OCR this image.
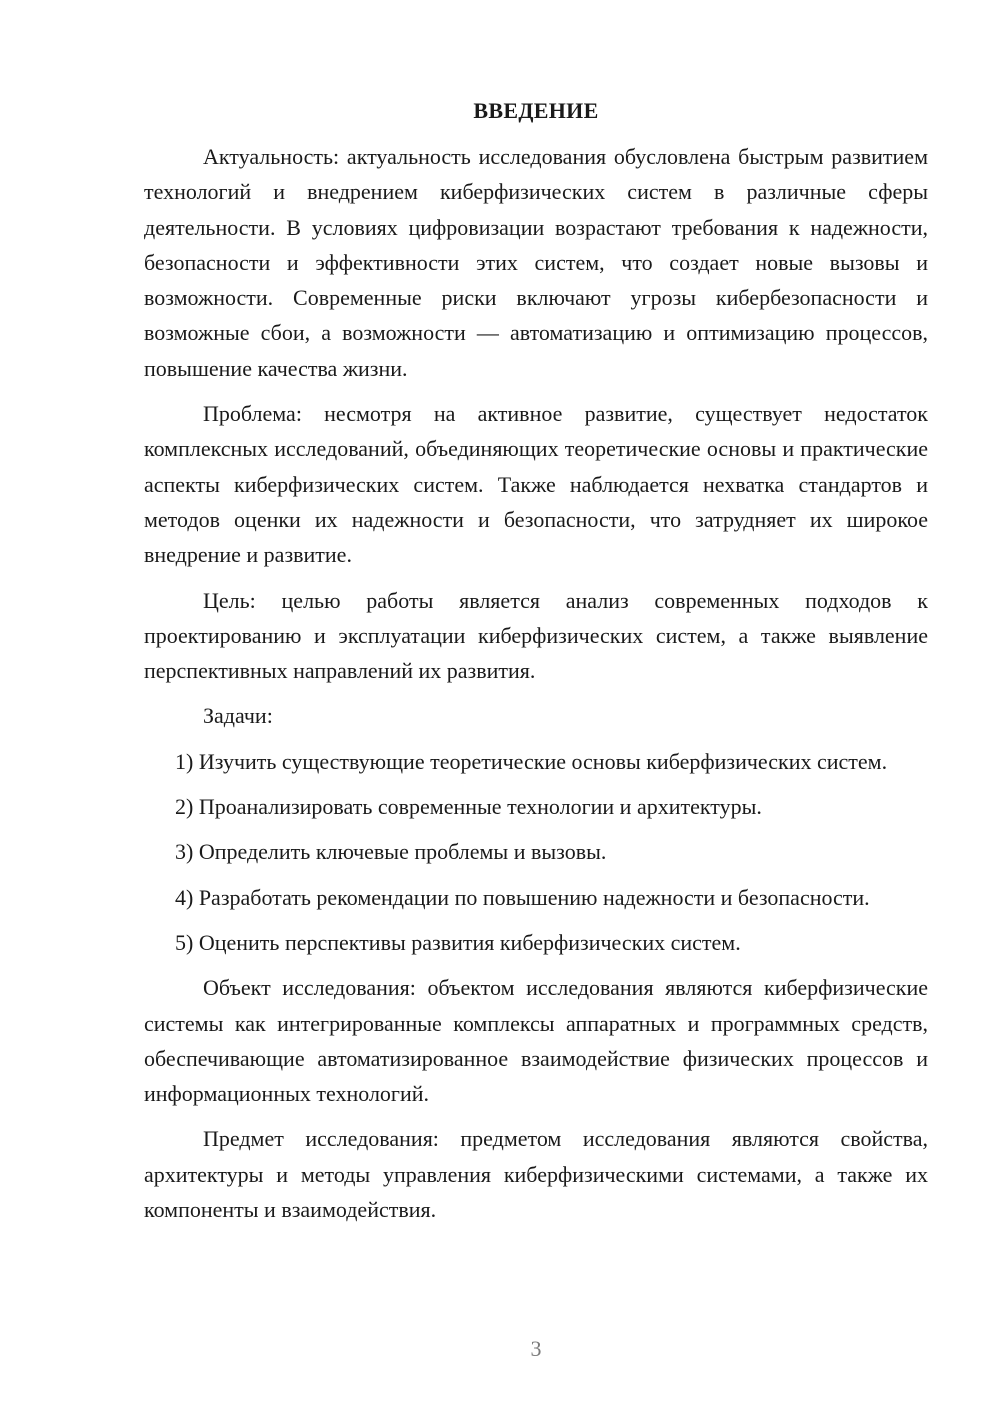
ВВЕДЕНИЕ

Актуальность: актуальность исследования обусловлена быстрым развитием технологий и внедрением киберфизических систем в различные сферы деятельности. В условиях цифровизации возрастают требования к надежности, безопасности и эффективности этих систем, что создает новые вызовы и возможности. Современные риски включают угрозы кибербезопасности и возможные сбои, а возможности — автоматизацию и оптимизацию процессов, повышение качества жизни.

Проблема: несмотря на активное развитие, существует недостаток комплексных исследований, объединяющих теоретические основы и практические аспекты киберфизических систем. Также наблюдается нехватка стандартов и методов оценки их надежности и безопасности, что затрудняет их широкое внедрение и развитие.

Цель: целью работы является анализ современных подходов к проектированию и эксплуатации киберфизических систем, а также выявление перспективных направлений их развития.

Задачи:

1) Изучить существующие теоретические основы киберфизических систем.

2) Проанализировать современные технологии и архитектуры.

3) Определить ключевые проблемы и вызовы.

4) Разработать рекомендации по повышению надежности и безопасности.

5) Оценить перспективы развития киберфизических систем.

Объект исследования: объектом исследования являются киберфизические системы как интегрированные комплексы аппаратных и программных средств, обеспечивающие автоматизированное взаимодействие физических процессов и информационных технологий.

Предмет исследования: предметом исследования являются свойства, архитектуры и методы управления киберфизическими системами, а также их компоненты и взаимодействия.

3
